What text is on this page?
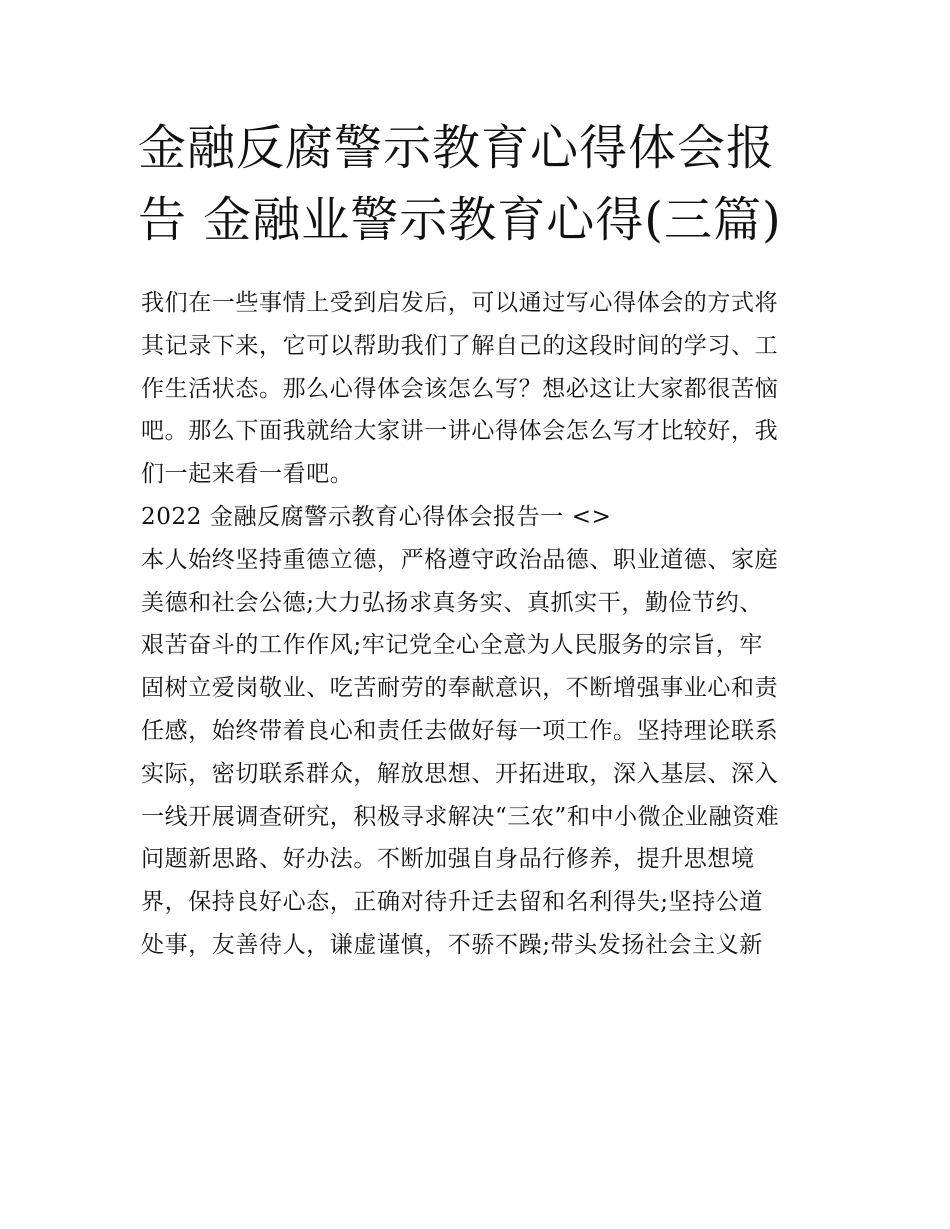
金融反腐警示教育心得体会报
告 金融业警示教育心得(三篇)
我们在一些事情上受到启发后，可以通过写心得体会的方式将
其记录下来，它可以帮助我们了解自己的这段时间的学习、工
作生活状态。那么心得体会该怎么写？想必这让大家都很苦恼
吧。那么下面我就给大家讲一讲心得体会怎么写才比较好，我
们一起来看一看吧。
2022 金融反腐警示教育心得体会报告一 <>
本人始终坚持重德立德，严格遵守政治品德、职业道德、家庭
美德和社会公德;大力弘扬求真务实、真抓实干，勤俭节约、
艰苦奋斗的工作作风;牢记党全心全意为人民服务的宗旨，牢
固树立爱岗敬业、吃苦耐劳的奉献意识，不断增强事业心和责
任感，始终带着良心和责任去做好每一项工作。坚持理论联系
实际，密切联系群众，解放思想、开拓进取，深入基层、深入
一线开展调查研究，积极寻求解决“三农”和中小微企业融资难
问题新思路、好办法。不断加强自身品行修养，提升思想境
界，保持良好心态，正确对待升迁去留和名利得失;坚持公道
处事，友善待人，谦虚谨慎，不骄不躁;带头发扬社会主义新
